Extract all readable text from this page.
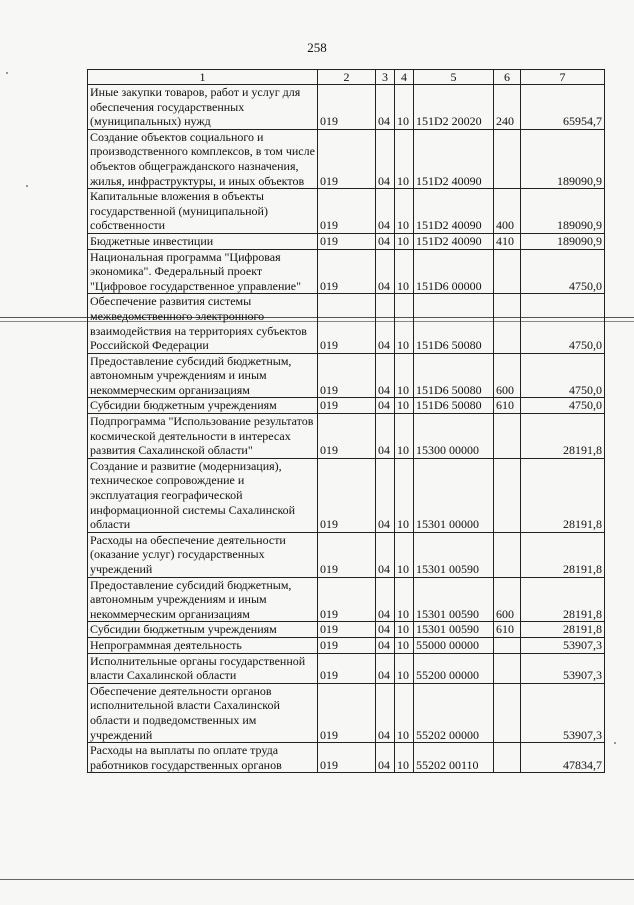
258
1	2	3	4	5	6	7
Иные закупки товаров, работ и услуг для обеспечения государственных (муниципальных) нужд	019	04	10	151D2 20020	240	65954,7
Создание объектов социального и производственного комплексов, в том числе объектов общегражданского назначения, жилья, инфраструктуры, и иных объектов	019	04	10	151D2 40090		189090,9
Капитальные вложения в объекты государственной (муниципальной) собственности	019	04	10	151D2 40090	400	189090,9
Бюджетные инвестиции	019	04	10	151D2 40090	410	189090,9
Национальная программа "Цифровая экономика". Федеральный проект "Цифровое государственное управление"	019	04	10	151D6 00000		4750,0
Обеспечение развития системы межведомственного электронного взаимодействия на территориях субъектов Российской Федерации	019	04	10	151D6 50080		4750,0
Предоставление субсидий бюджетным, автономным учреждениям и иным некоммерческим организациям	019	04	10	151D6 50080	600	4750,0
Субсидии бюджетным учреждениям	019	04	10	151D6 50080	610	4750,0
Подпрограмма "Использование результатов космической деятельности в интересах развития Сахалинской области"	019	04	10	15300 00000		28191,8
Создание и развитие (модернизация), техническое сопровождение и эксплуатация географической информационной системы Сахалинской области	019	04	10	15301 00000		28191,8
Расходы на обеспечение деятельности (оказание услуг) государственных учреждений	019	04	10	15301 00590		28191,8
Предоставление субсидий бюджетным, автономным учреждениям и иным некоммерческим организациям	019	04	10	15301 00590	600	28191,8
Субсидии бюджетным учреждениям	019	04	10	15301 00590	610	28191,8
Непрограммная деятельность	019	04	10	55000 00000		53907,3
Исполнительные органы государственной власти Сахалинской области	019	04	10	55200 00000		53907,3
Обеспечение деятельности органов исполнительной власти Сахалинской области и подведомственных им учреждений	019	04	10	55202 00000		53907,3
Расходы на выплаты по оплате труда работников государственных органов	019	04	10	55202 00110		47834,7
